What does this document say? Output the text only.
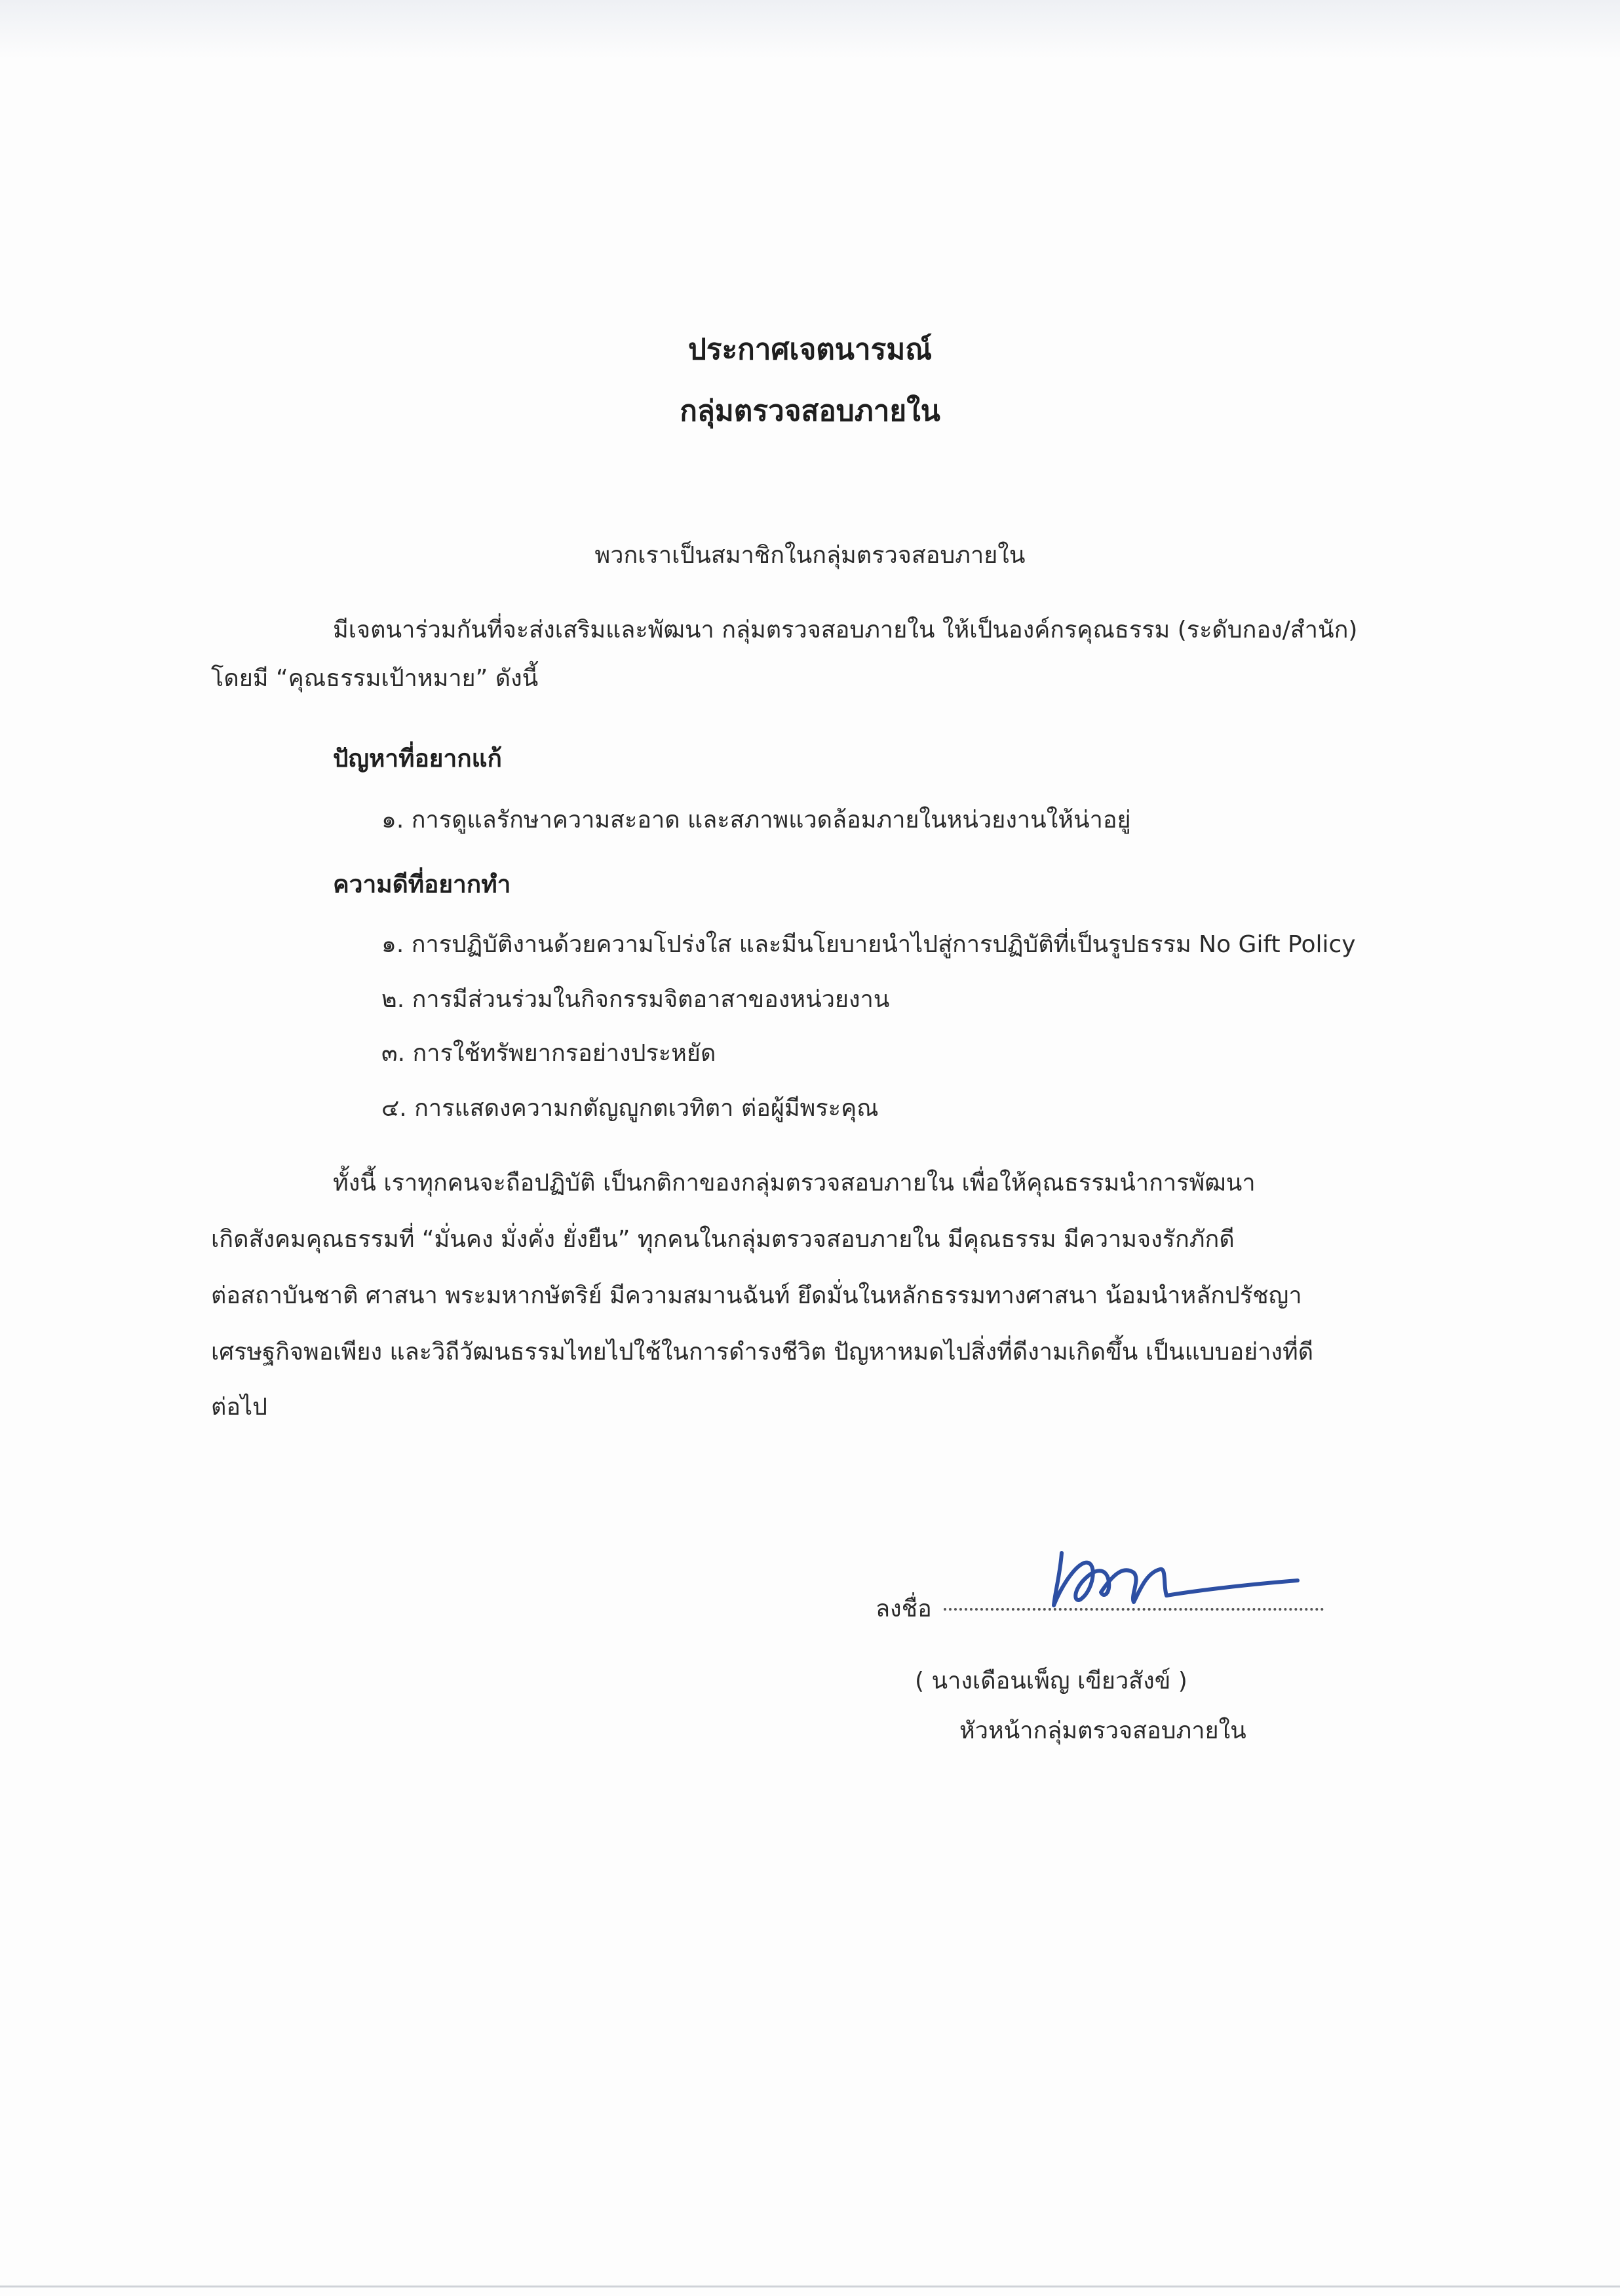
ประกาศเจตนารมณ์
กลุ่มตรวจสอบภายใน
พวกเราเป็นสมาชิกในกลุ่มตรวจสอบภายใน
มีเจตนาร่วมกันที่จะส่งเสริมและพัฒนา กลุ่มตรวจสอบภายใน ให้เป็นองค์กรคุณธรรม (ระดับกอง/สำนัก)
โดยมี “คุณธรรมเป้าหมาย” ดังนี้
ปัญหาที่อยากแก้
๑. การดูแลรักษาความสะอาด และสภาพแวดล้อมภายในหน่วยงานให้น่าอยู่
ความดีที่อยากทำ
๑. การปฏิบัติงานด้วยความโปร่งใส และมีนโยบายนำไปสู่การปฏิบัติที่เป็นรูปธรรม No Gift Policy
๒. การมีส่วนร่วมในกิจกรรมจิตอาสาของหน่วยงาน
๓. การใช้ทรัพยากรอย่างประหยัด
๔. การแสดงความกตัญญูกตเวทิตา ต่อผู้มีพระคุณ
ทั้งนี้ เราทุกคนจะถือปฏิบัติ เป็นกติกาของกลุ่มตรวจสอบภายใน เพื่อให้คุณธรรมนำการพัฒนา
เกิดสังคมคุณธรรมที่ “มั่นคง มั่งคั่ง ยั่งยืน” ทุกคนในกลุ่มตรวจสอบภายใน มีคุณธรรม มีความจงรักภักดี
ต่อสถาบันชาติ ศาสนา พระมหากษัตริย์ มีความสมานฉันท์ ยึดมั่นในหลักธรรมทางศาสนา น้อมนำหลักปรัชญา
เศรษฐกิจพอเพียง และวิถีวัฒนธรรมไทยไปใช้ในการดำรงชีวิต ปัญหาหมดไปสิ่งที่ดีงามเกิดขึ้น เป็นแบบอย่างที่ดี
ต่อไป
ลงชื่อ
( นางเดือนเพ็ญ เขียวสังข์ )
หัวหน้ากลุ่มตรวจสอบภายใน
